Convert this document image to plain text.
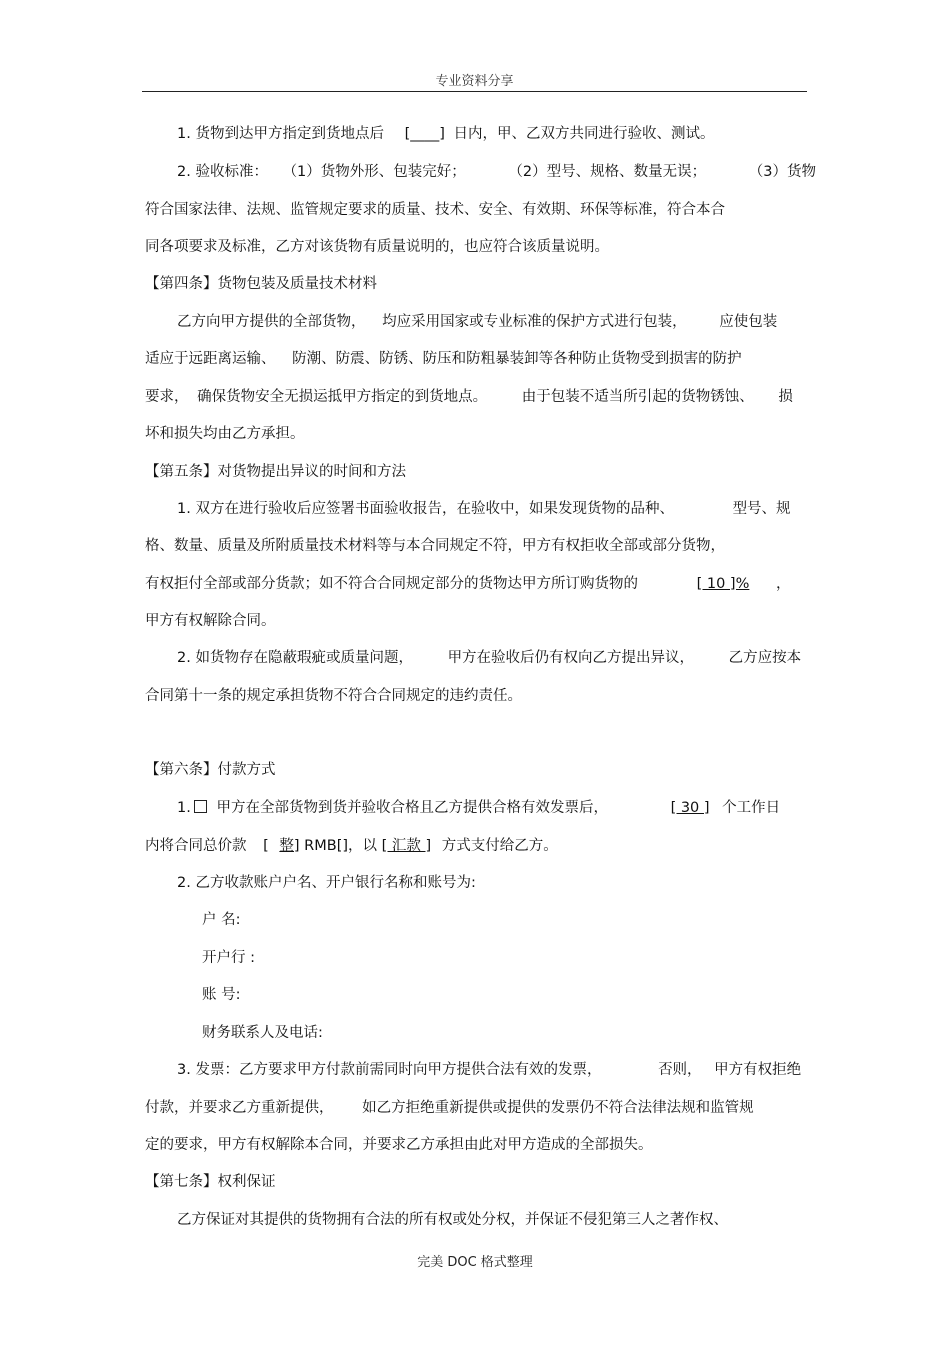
专业资料分享
1. 货物到达甲方指定到货地点后 [____] 日内，甲、乙双方共同进行验收、测试。
2. 验收标准： （1）货物外形、包装完好；	（2）型号、规格、数量无误；	（3）货物
符合国家法律、法规、监管规定要求的质量、技术、安全、有效期、环保等标准，符合本合
同各项要求及标准，乙方对该货物有质量说明的，也应符合该质量说明。
【第四条】货物包装及质量技术材料
乙方向甲方提供的全部货物， 均应采用国家或专业标准的保护方式进行包装， 应使包装
适应于远距离运输、 防潮、防震、防锈、防压和防粗暴装卸等各种防止货物受到损害的防护
要求， 确保货物安全无损运抵甲方指定的到货地点。 由于包装不适当所引起的货物锈蚀、 损
坏和损失均由乙方承担。
【第五条】对货物提出异议的时间和方法
1. 双方在进行验收后应签署书面验收报告，在验收中，如果发现货物的品种、	型号、规
格、数量、质量及所附质量技术材料等与本合同规定不符，甲方有权拒收全部或部分货物，
有权拒付全部或部分货款；如不符合合同规定部分的货物达甲方所订购货物的	[ 10 ]% ，
甲方有权解除合同。
2. 如货物存在隐蔽瑕疵或质量问题， 甲方在验收后仍有权向乙方提出异议， 乙方应按本
合同第十一条的规定承担货物不符合合同规定的违约责任。
【第六条】付款方式
1. 甲方在全部货物到货并验收合格且乙方提供合格有效发票后，	[ 30 ] 个工作日
内将合同总价款 [ 整] RMB[]，以 [ 汇款 ] 方式支付给乙方。
2. 乙方收款账户户名、开户银行名称和账号为:
户 名:
开户行 :
账 号:
财务联系人及电话:
3. 发票：乙方要求甲方付款前需同时向甲方提供合法有效的发票，	否则， 甲方有权拒绝
付款，并要求乙方重新提供， 如乙方拒绝重新提供或提供的发票仍不符合法律法规和监管规
定的要求，甲方有权解除本合同，并要求乙方承担由此对甲方造成的全部损失。
【第七条】权利保证
乙方保证对其提供的货物拥有合法的所有权或处分权，并保证不侵犯第三人之著作权、
完美 DOC 格式整理
